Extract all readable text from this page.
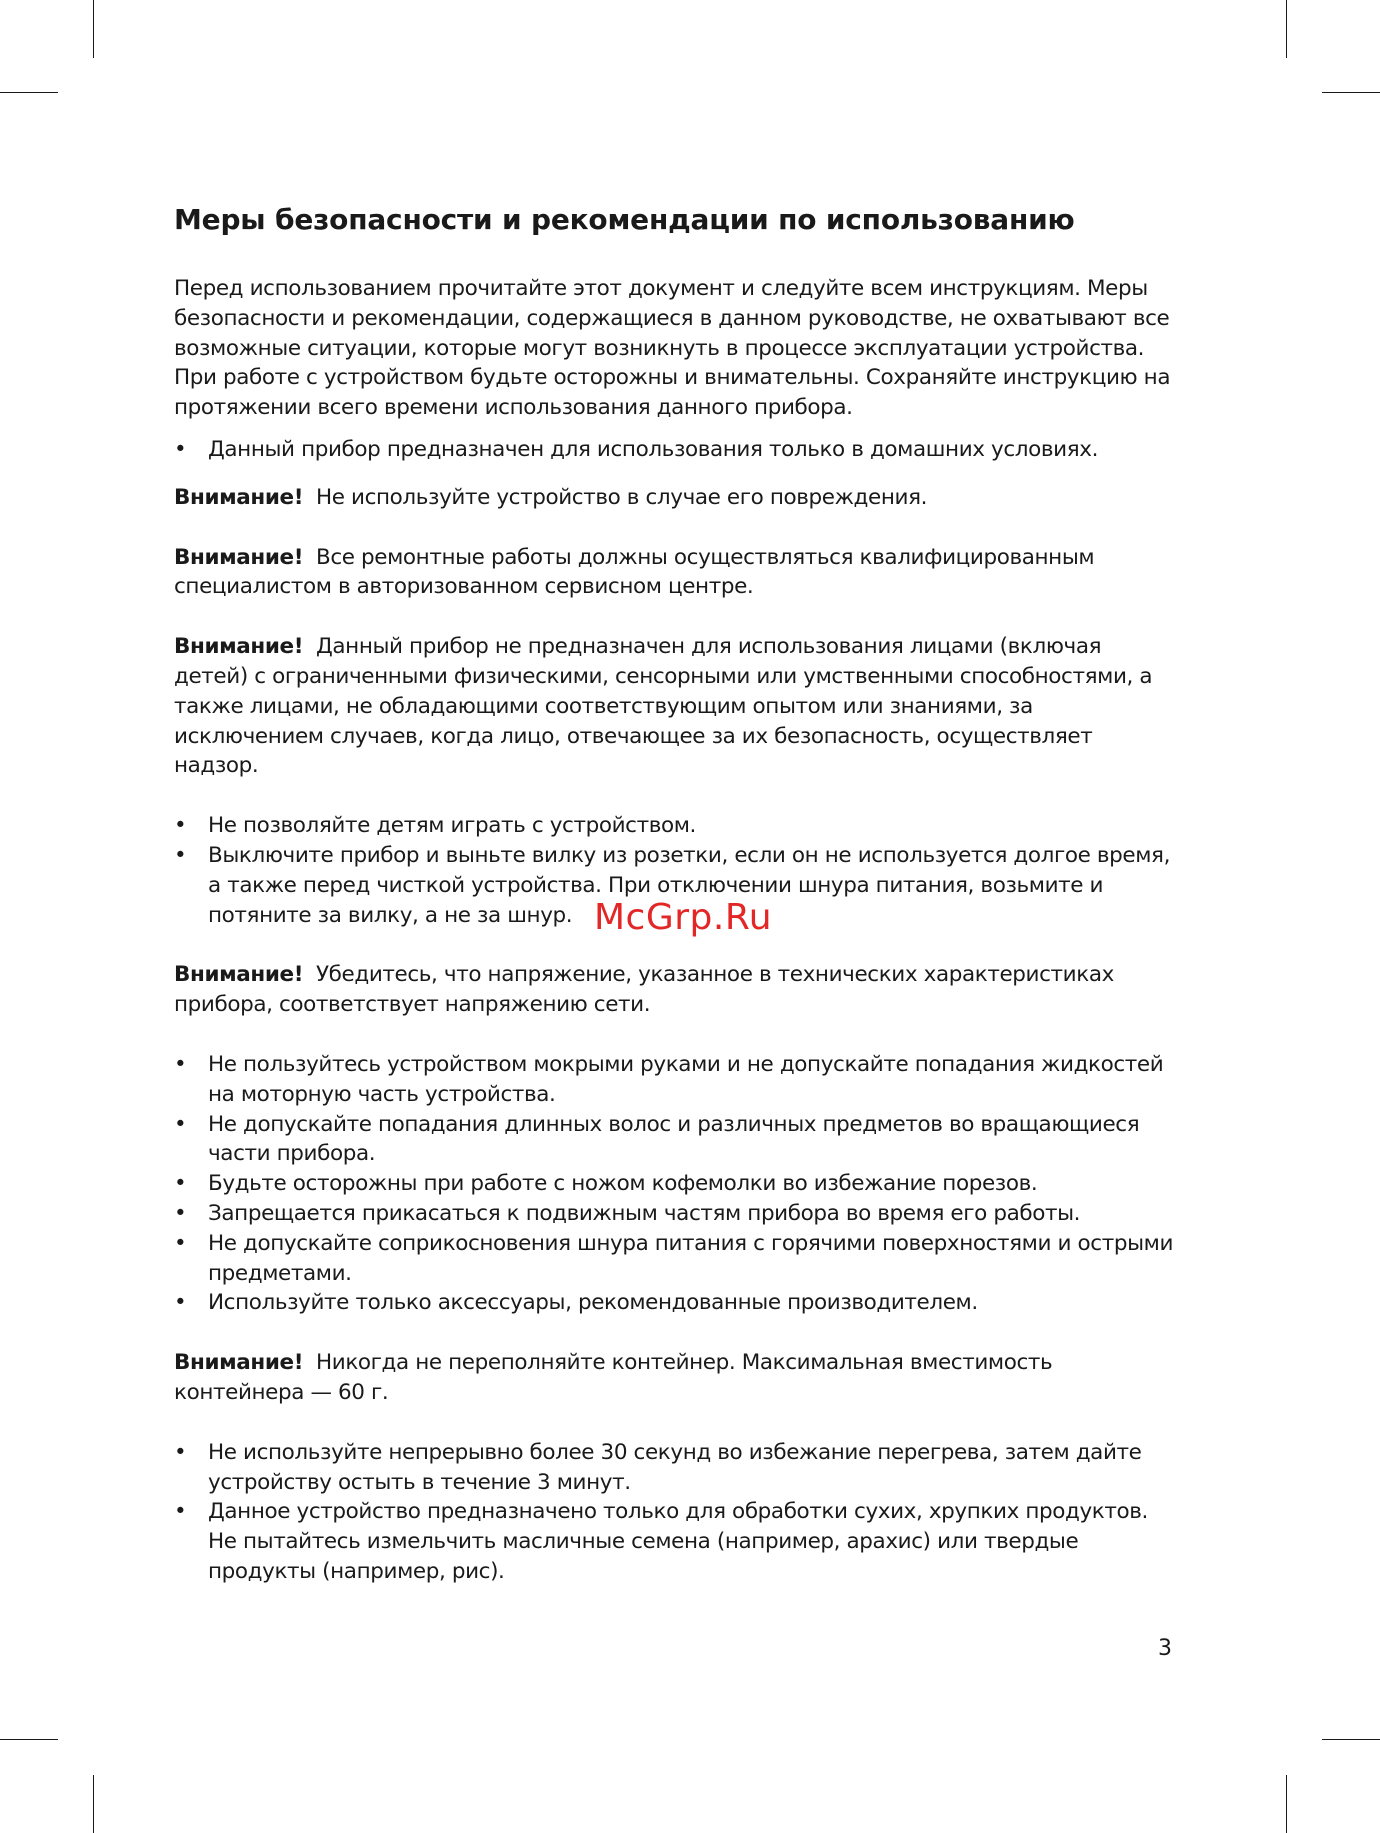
Меры безопасности и рекомендации по использованию

Перед использованием прочитайте этот документ и следуйте всем инструкциям. Меры безопасности и рекомендации, содержащиеся в данном руководстве, не охватывают все возможные ситуации, которые могут возникнуть в процессе эксплуатации устройства. При работе с устройством будьте осторожны и внимательны. Сохраняйте инструкцию на протяжении всего времени использования данного прибора.

• Данный прибор предназначен для использования только в домашних условиях.

Внимание! Не используйте устройство в случае его повреждения.

Внимание! Все ремонтные работы должны осуществляться квалифицированным специалистом в авторизованном сервисном центре.

Внимание! Данный прибор не предназначен для использования лицами (включая детей) с ограниченными физическими, сенсорными или умственными способностями, а также лицами, не обладающими соответствующим опытом или знаниями, за исключением случаев, когда лицо, отвечающее за их безопасность, осуществляет надзор.

• Не позволяйте детям играть с устройством.
• Выключите прибор и выньте вилку из розетки, если он не используется долгое время, а также перед чисткой устройства. При отключении шнура питания, возьмите и потяните за вилку, а не за шнур.

Внимание! Убедитесь, что напряжение, указанное в технических характеристиках прибора, соответствует напряжению сети.

• Не пользуйтесь устройством мокрыми руками и не допускайте попадания жидкостей на моторную часть устройства.
• Не допускайте попадания длинных волос и различных предметов во вращающиеся части прибора.
• Будьте осторожны при работе с ножом кофемолки во избежание порезов.
• Запрещается прикасаться к подвижным частям прибора во время его работы.
• Не допускайте соприкосновения шнура питания с горячими поверхностями и острыми предметами.
• Используйте только аксессуары, рекомендованные производителем.

Внимание! Никогда не переполняйте контейнер. Максимальная вместимость контейнера — 60 г.

• Не используйте непрерывно более 30 секунд во избежание перегрева, затем дайте устройству остыть в течение 3 минут.
• Данное устройство предназначено только для обработки сухих, хрупких продуктов. Не пытайтесь измельчить масличные семена (например, арахис) или твердые продукты (например, рис).
McGrp.Ru
3
